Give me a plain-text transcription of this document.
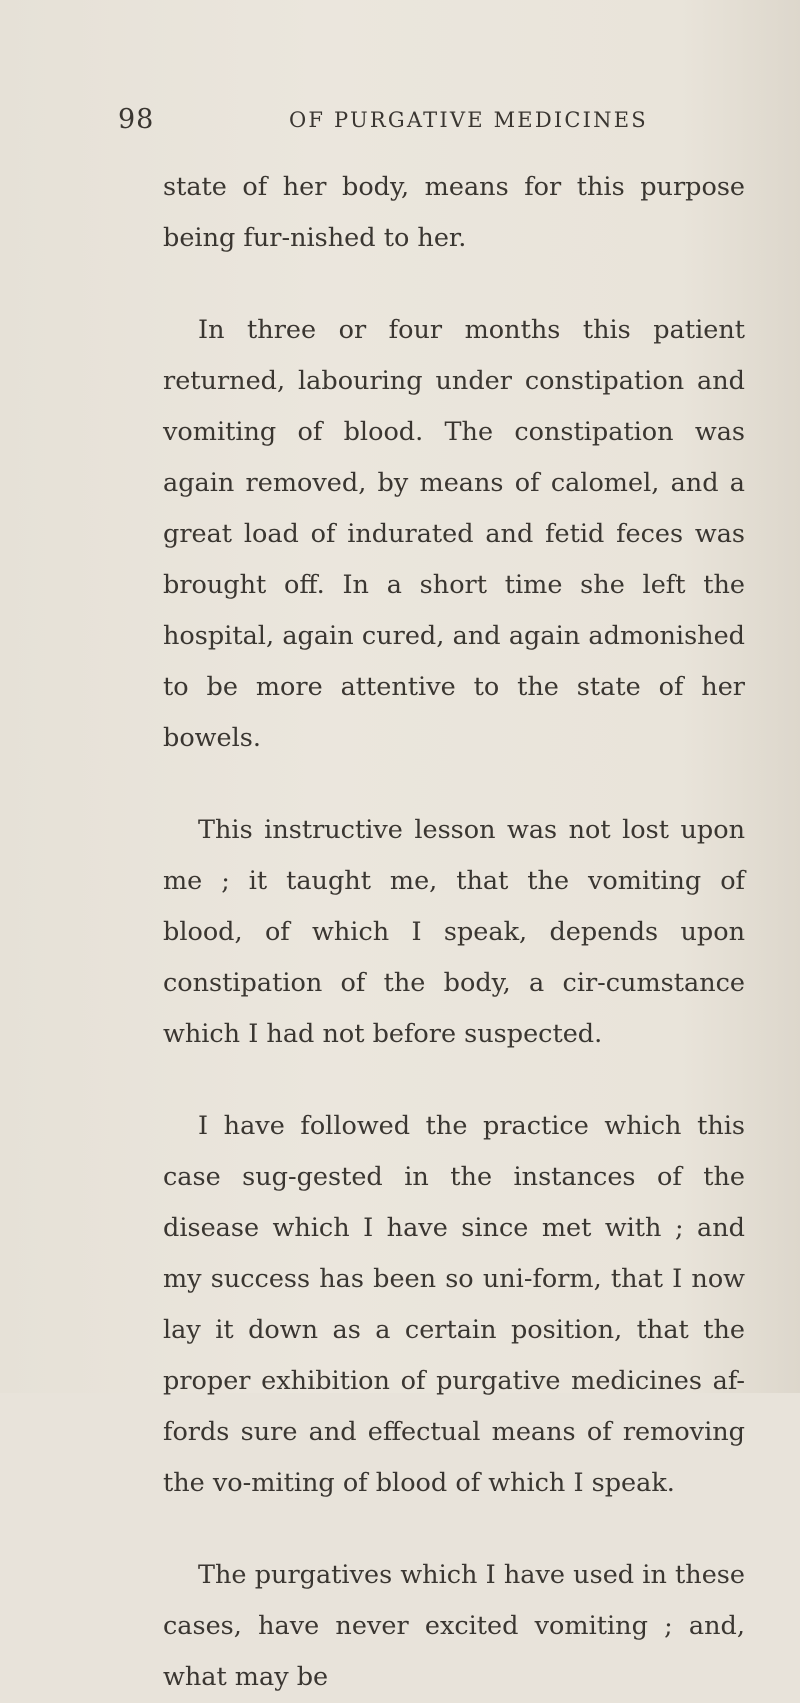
98	OF PURGATIVE MEDICINES

state of her body, means for this purpose being fur-nished to her.

In three or four months this patient returned, labouring under constipation and vomiting of blood. The constipation was again removed, by means of calomel, and a great load of indurated and fetid feces was brought off. In a short time she left the hospital, again cured, and again admonished to be more attentive to the state of her bowels.

This instructive lesson was not lost upon me ; it taught me, that the vomiting of blood, of which I speak, depends upon constipation of the body, a cir-cumstance which I had not before suspected.

I have followed the practice which this case sug-gested in the instances of the disease which I have since met with ; and my success has been so uni-form, that I now lay it down as a certain position, that the proper exhibition of purgative medicines af-fords sure and effectual means of removing the vo-miting of blood of which I speak.

The purgatives which I have used in these cases, have never excited vomiting ; and, what may be
